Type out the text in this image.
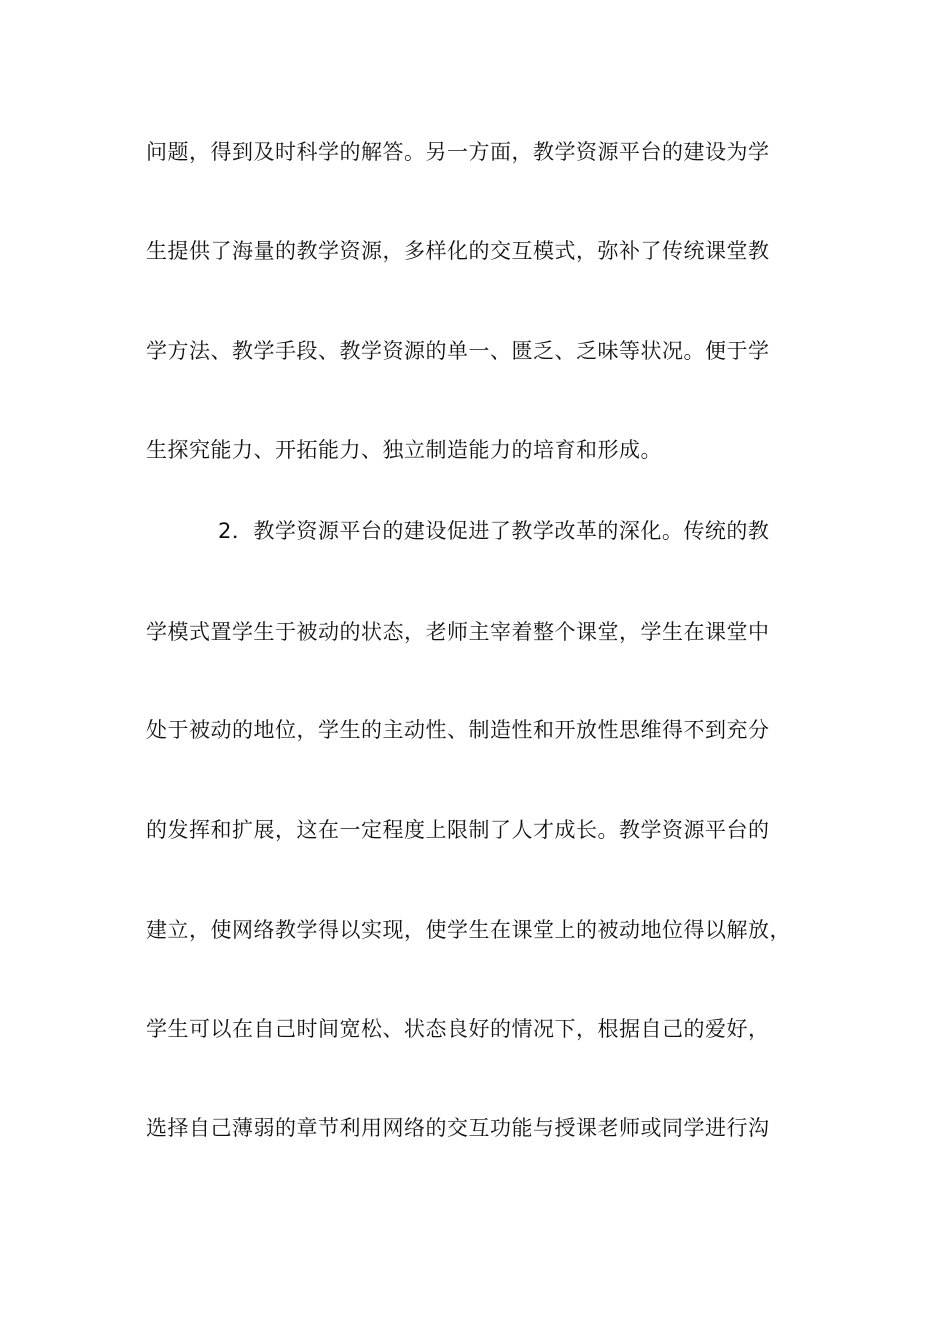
问题，得到及时科学的解答。另一方面，教学资源平台的建设为学
生提供了海量的教学资源，多样化的交互模式，弥补了传统课堂教
学方法、教学手段、教学资源的单一、匮乏、乏味等状况。便于学
生探究能力、开拓能力、独立制造能力的培育和形成。
2．教学资源平台的建设促进了教学改革的深化。传统的教
学模式置学生于被动的状态，老师主宰着整个课堂，学生在课堂中
处于被动的地位，学生的主动性、制造性和开放性思维得不到充分
的发挥和扩展，这在一定程度上限制了人才成长。教学资源平台的
建立，使网络教学得以实现，使学生在课堂上的被动地位得以解放，
学生可以在自己时间宽松、状态良好的情况下，根据自己的爱好，
选择自己薄弱的章节利用网络的交互功能与授课老师或同学进行沟
